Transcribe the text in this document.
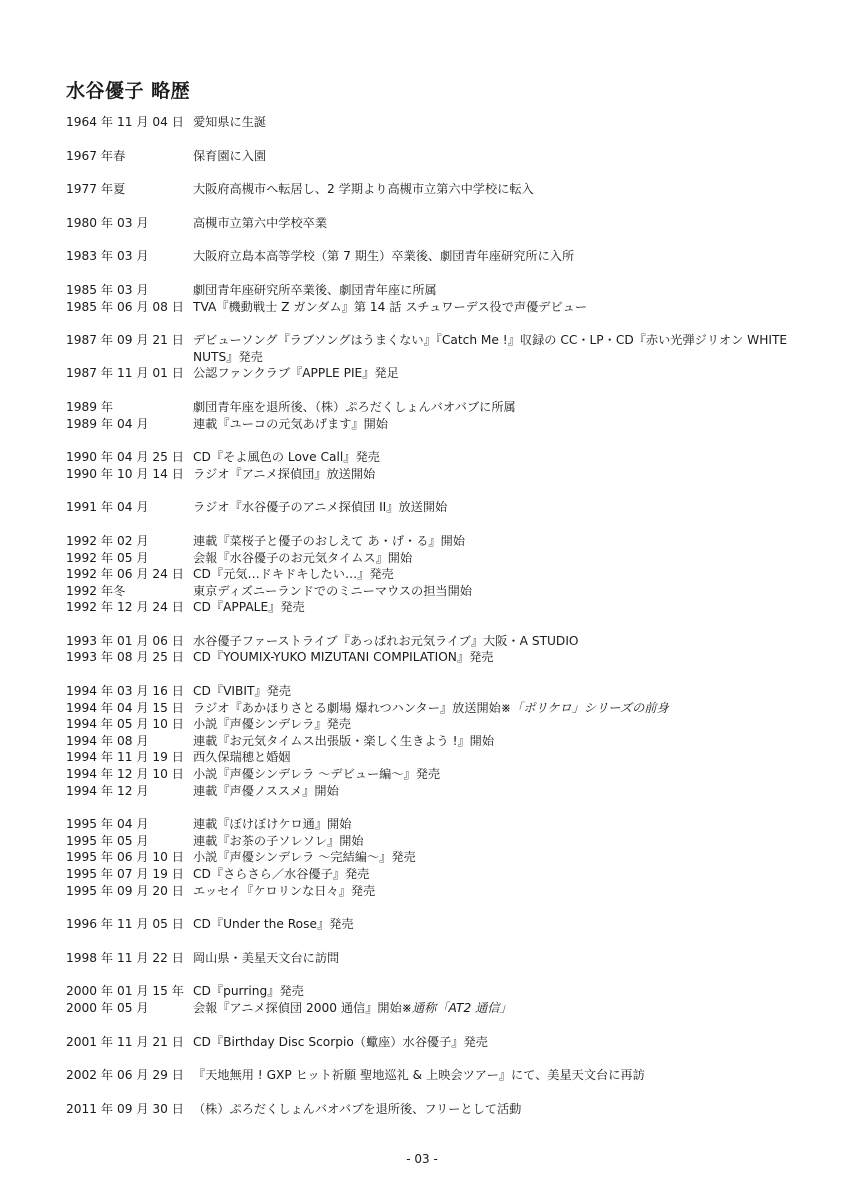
水谷優子 略歴
1964 年 11 月 04 日 愛知県に生誕
1967 年春	保育園に入園
1977 年夏	大阪府高槻市へ転居し、2 学期より高槻市立第六中学校に転入
1980 年 03 月	高槻市立第六中学校卒業
1983 年 03 月	大阪府立島本高等学校（第 7 期生）卒業後、劇団青年座研究所に入所
1985 年 03 月	劇団青年座研究所卒業後、劇団青年座に所属
1985 年 06 月 08 日 TVA『機動戦士 Z ガンダム』第 14 話 スチュワーデス役で声優デビュー
1987 年 09 月 21 日 デビューソング『ラブソングはうまくない』『Catch Me !』収録の CC・LP・CD『赤い光弾ジリオン WHITE NUTS』発売
1987 年 11 月 01 日 公認ファンクラブ『APPLE PIE』発足
1989 年	劇団青年座を退所後、（株）ぷろだくしょんバオバブに所属
1989 年 04 月	連載『ユーコの元気あげます』開始
1990 年 04 月 25 日 CD『そよ風色の Love Call』発売
1990 年 10 月 14 日 ラジオ『アニメ探偵団』放送開始
1991 年 04 月	ラジオ『水谷優子のアニメ探偵団 II』放送開始
1992 年 02 月	連載『菜桜子と優子のおしえて あ・げ・る』開始
1992 年 05 月	会報『水谷優子のお元気タイムス』開始
1992 年 06 月 24 日 CD『元気…ドキドキしたい…』発売
1992 年冬	東京ディズニーランドでのミニーマウスの担当開始
1992 年 12 月 24 日 CD『APPALE』発売
1993 年 01 月 06 日 水谷優子ファーストライブ『あっぱれお元気ライブ』大阪・A STUDIO
1993 年 08 月 25 日 CD『YOUMIX-YUKO MIZUTANI COMPILATION』発売
1994 年 03 月 16 日 CD『VIBIT』発売
1994 年 04 月 15 日 ラジオ『あかほりさとる劇場 爆れつハンター』放送開始※「ポリケロ」シリーズの前身
1994 年 05 月 10 日 小説『声優シンデレラ』発売
1994 年 08 月	連載『お元気タイムス出張版・楽しく生きよう !』開始
1994 年 11 月 19 日 西久保瑞穂と婚姻
1994 年 12 月 10 日 小説『声優シンデレラ 〜デビュー編〜』発売
1994 年 12 月	連載『声優ノススメ』開始
1995 年 04 月	連載『ぼけぼけケロ通』開始
1995 年 05 月	連載『お茶の子ソレソレ』開始
1995 年 06 月 10 日 小説『声優シンデレラ 〜完結編〜』発売
1995 年 07 月 19 日 CD『さらさら／水谷優子』発売
1995 年 09 月 20 日 エッセイ『ケロリンな日々』発売
1996 年 11 月 05 日 CD『Under the Rose』発売
1998 年 11 月 22 日 岡山県・美星天文台に訪問
2000 年 01 月 15 年 CD『purring』発売
2000 年 05 月	会報『アニメ探偵団 2000 通信』開始※通称「AT2 通信」
2001 年 11 月 21 日 CD『Birthday Disc Scorpio（蠍座）水谷優子』発売
2002 年 06 月 29 日 『天地無用 ! GXP ヒット祈願 聖地巡礼 & 上映会ツアー』にて、美星天文台に再訪
2011 年 09 月 30 日 （株）ぷろだくしょんバオバブを退所後、フリーとして活動
- 03 -
